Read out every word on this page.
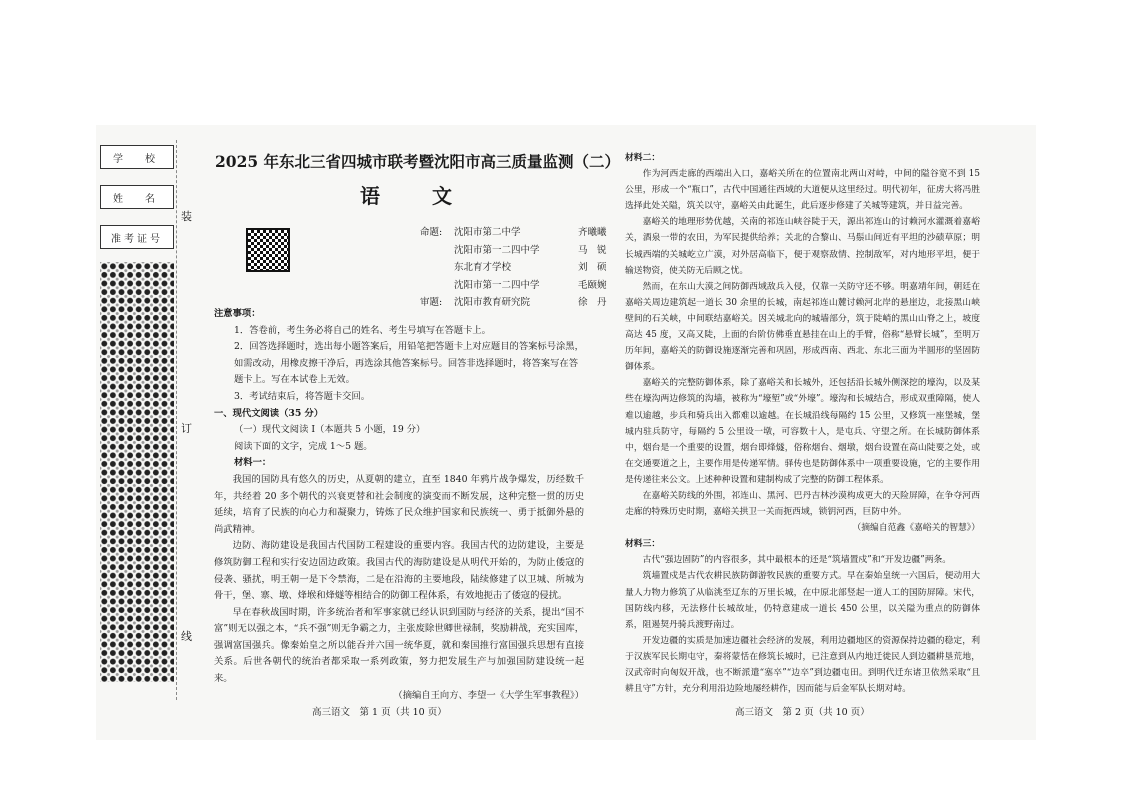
学　校
姓　名
准考证号
装
订
线
2025 年东北三省四城市联考暨沈阳市高三质量监测（二）
语　文
命题:	沈阳市第二中学	齐曦曦
沈阳市第一二四中学	马　锐
东北育才学校	刘　硕
沈阳市第一二四中学	毛颐婉
审题:	沈阳市教育研究院	徐　丹
注意事项：
1．答卷前，考生务必将自己的姓名、考生号填写在答题卡上。
2．回答选择题时，选出每小题答案后，用铅笔把答题卡上对应题目的答案标号涂黑，如需改动，用橡皮擦干净后，再选涂其他答案标号。回答非选择题时，将答案写在答题卡上。写在本试卷上无效。
3．考试结束后，将答题卡交回。
一、现代文阅读（35 分）
（一）现代文阅读 Ⅰ（本题共 5 小题，19 分）
阅读下面的文字，完成 1～5 题。
材料一：

我国的国防具有悠久的历史，从夏朝的建立，直至 1840 年鸦片战争爆发，历经数千年，共经着 20 多个朝代的兴衰更替和社会制度的演变而不断发展，这种完整一贯的历史延续，培育了民族的向心力和凝聚力，铸炼了民众维护国家和民族统一、勇于抵御外悬的尚武精神。

边防、海防建设是我国古代国防工程建设的重要内容。我国古代的边防建设，主要是修筑防御工程和实行安边固边政策。我国古代的海防建设是从明代开始的，为防止倭寇的侵袭、骚扰，明王朝一是下令禁海，二是在沿海的主要地段，陆续修建了以卫城、所城为骨干，堡、寨、墩、烽堠和烽燧等相结合的防御工程体系，有效地扼击了倭寇的侵扰。

早在春秋战国时期，许多统治者和军事家就已经认识到国防与经济的关系，提出“国不富”则无以强之本，“兵不强”则无争霸之力，主张废除世卿世禄制，奖励耕战，充实国库，强调富国强兵。像秦始皇之所以能吞并六国一统华夏，就和秦国推行富国强兵思想有直接关系。后世各朝代的统治者都采取一系列政策，努力把发展生产与加强国防建设统一起来。

（摘编自王向方、李望一《大学生军事教程》）
高三语文　第 1 页（共 10 页）
材料二：

作为河西走廊的西端出入口，嘉峪关所在的位置南北两山对峙，中间的隘谷宽不到 15 公里，形成一个“瓶口”，古代中国通往西域的大道便从这里经过。明代初年，征虏大将冯胜选择此处关隘，筑关以守，嘉峪关由此诞生，此后逐步修建了关城等建筑，并日益完善。

嘉峪关的地理形势优越，关南的祁连山峡谷陡于天，源出祁连山的讨赖河水灌溉着嘉峪关，酒泉一带的农田，为军民提供给养；关北的合黎山、马鬃山间近有平坦的沙碛草原；明长城西端的关城屹立广漠，对外居高临下，便于观察敌情、控制敌军，对内地形平坦，便于输送物资，使关防无后顾之忧。

然而，在东山大漠之间防御西域敌兵入侵，仅靠一关防守还不够。明嘉靖年间，朝廷在嘉峪关周边建筑起一道长 30 余里的长城，南起祁连山麓讨赖河北岸的悬崖边，北接黑山峡壁间的石关峡，中间联结嘉峪关。因关城北向的城墙部分，筑于陡峭的黑山山脊之上，坡度高达 45 度，又高又陡，上面的台阶仿佛垂直悬挂在山上的手臂，俗称“悬臂长城”，至明万历年间，嘉峪关的防御设施逐渐完善和巩固，形成西南、西北、东北三面为半圆形的坚固防御体系。

嘉峪关的完整防御体系，除了嘉峪关和长城外，还包括沿长城外侧深挖的壕沟，以及某些在壕沟两边修筑的沟墙，被称为“壕堑”或“外壕”。壕沟和长城结合，形成双重障隔，使人难以逾越，步兵和骑兵出入都难以逾越。在长城沿线每隔约 15 公里，又修筑一座堡城，堡城内驻兵防守，每隔约 5 公里设一墩，可容数十人，是屯兵、守望之所。在长城防御体系中，烟台是一个重要的设置，烟台即烽燧，俗称烟台、烟墩，烟台设置在高山陡要之处，或在交通要道之上，主要作用是传递军情。驿传也是防御体系中一项重要设施，它的主要作用是传递往来公文。上述种种设置和建制构成了完整的防御工程体系。

在嘉峪关防线的外围，祁连山、黑河、巴丹吉林沙漠构成更大的天险屏障，在争夺河西走廊的特殊历史时期，嘉峪关拱卫一关而扼西域，锁钥河西，巨防中外。

（摘编自范鑫《嘉峪关的智慧》）
材料三：

古代“强边固防”的内容很多，其中最根本的还是“筑墙置戍”和“开发边疆”两条。

筑墙置戍是古代农耕民族防御游牧民族的重要方式。早在秦始皇统一六国后，便动用大量人力物力修筑了从临洮至辽东的万里长城，在中原北部竖起一道人工的国防屏障。宋代，国防线内移，无法修什长城故址，仍特意建成一道长 450 公里，以关隘为重点的防御体系，阻遏契丹骑兵渡野南过。

开发边疆的实质是加速边疆社会经济的发展，利用边疆地区的资源保持边疆的稳定，利于汉族军民长期屯守，秦将蒙恬在修筑长城时，已注意到从内地迁徙民人到边疆耕垦荒地，汉武帝时向匈奴开战，也不断派遣“塞卒”“边卒”到边疆屯田。到明代迁东诸卫依然采取“且耕且守”方针，充分利用沿边险地屡经耕作，因而能与后金军队长期对峙。

高三语文　第 2 页（共 10 页）
